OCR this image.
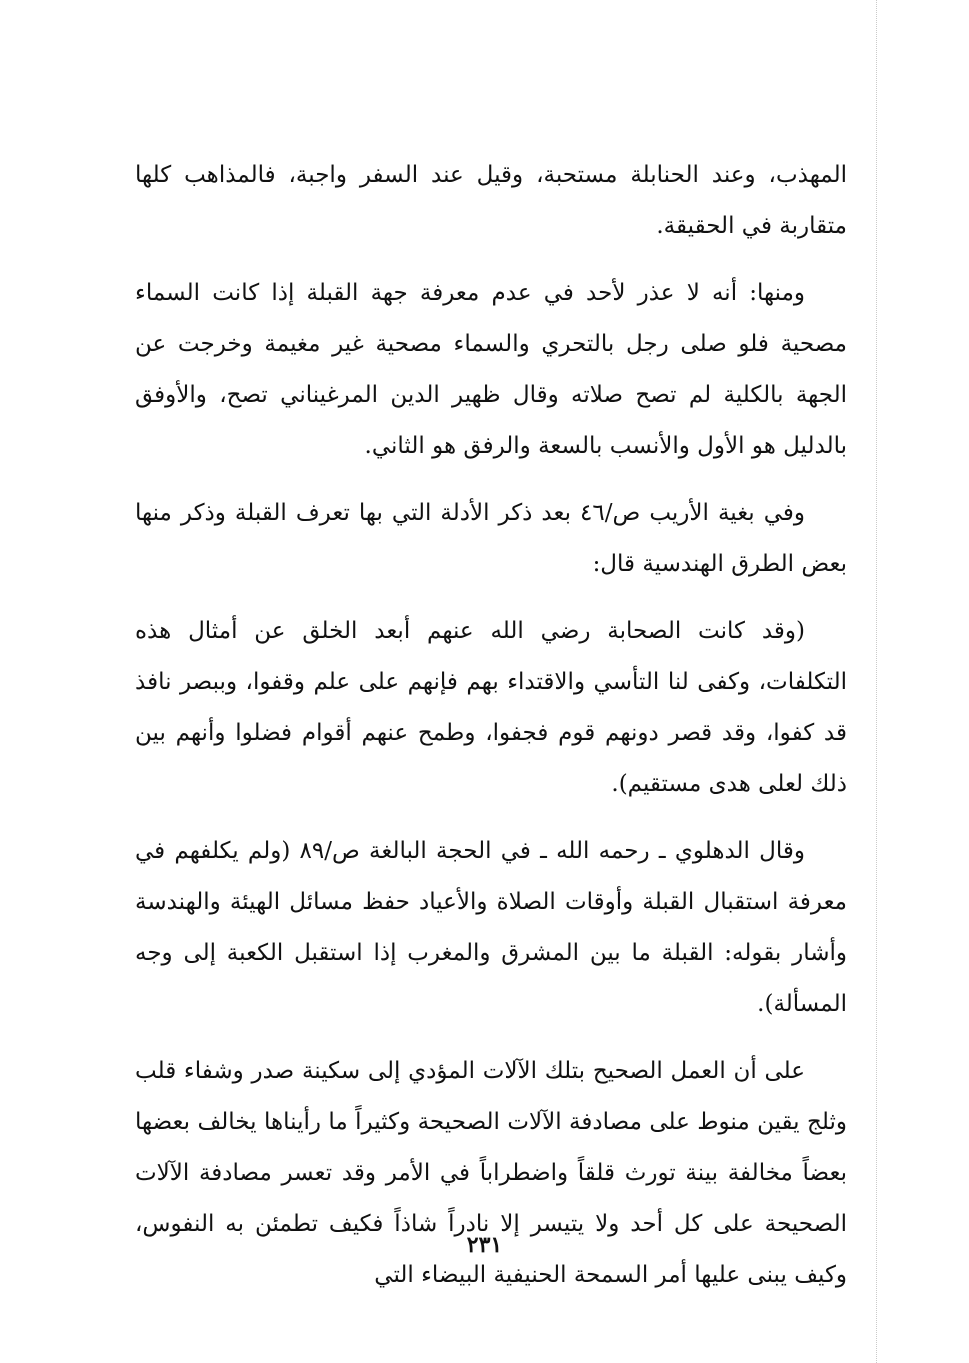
المهذب، وعند الحنابلة مستحبة، وقيل عند السفر واجبة، فالمذاهب كلها متقاربة في الحقيقة.

ومنها: أنه لا عذر لأحد في عدم معرفة جهة القبلة إذا كانت السماء مصحية فلو صلى رجل بالتحري والسماء مصحية غير مغيمة وخرجت عن الجهة بالكلية لم تصح صلاته وقال ظهير الدين المرغيناني تصح، والأوفق بالدليل هو الأول والأنسب بالسعة والرفق هو الثاني.

وفي بغية الأريب ص/٤٦ بعد ذكر الأدلة التي بها تعرف القبلة وذكر منها بعض الطرق الهندسية قال:

(وقد كانت الصحابة رضي الله عنهم أبعد الخلق عن أمثال هذه التكلفات، وكفى لنا التأسي والاقتداء بهم فإنهم على علم وقفوا، وببصر نافذ قد كفوا، وقد قصر دونهم قوم فجفوا، وطمح عنهم أقوام فضلوا وأنهم بين ذلك لعلى هدى مستقيم).

وقال الدهلوي ـ رحمه الله ـ في الحجة البالغة ص/٨٩ (ولم يكلفهم في معرفة استقبال القبلة وأوقات الصلاة والأعياد حفظ مسائل الهيئة والهندسة وأشار بقوله: القبلة ما بين المشرق والمغرب إذا استقبل الكعبة إلى وجه المسألة).

على أن العمل الصحيح بتلك الآلات المؤدي إلى سكينة صدر وشفاء قلب وثلج يقين منوط على مصادفة الآلات الصحيحة وكثيراً ما رأيناها يخالف بعضها بعضاً مخالفة بينة تورث قلقاً واضطراباً في الأمر وقد تعسر مصادفة الآلات الصحيحة على كل أحد ولا يتيسر إلا نادراً شاذاً فكيف تطمئن به النفوس، وكيف يبنى عليها أمر السمحة الحنيفية البيضاء التي

٢٣١
